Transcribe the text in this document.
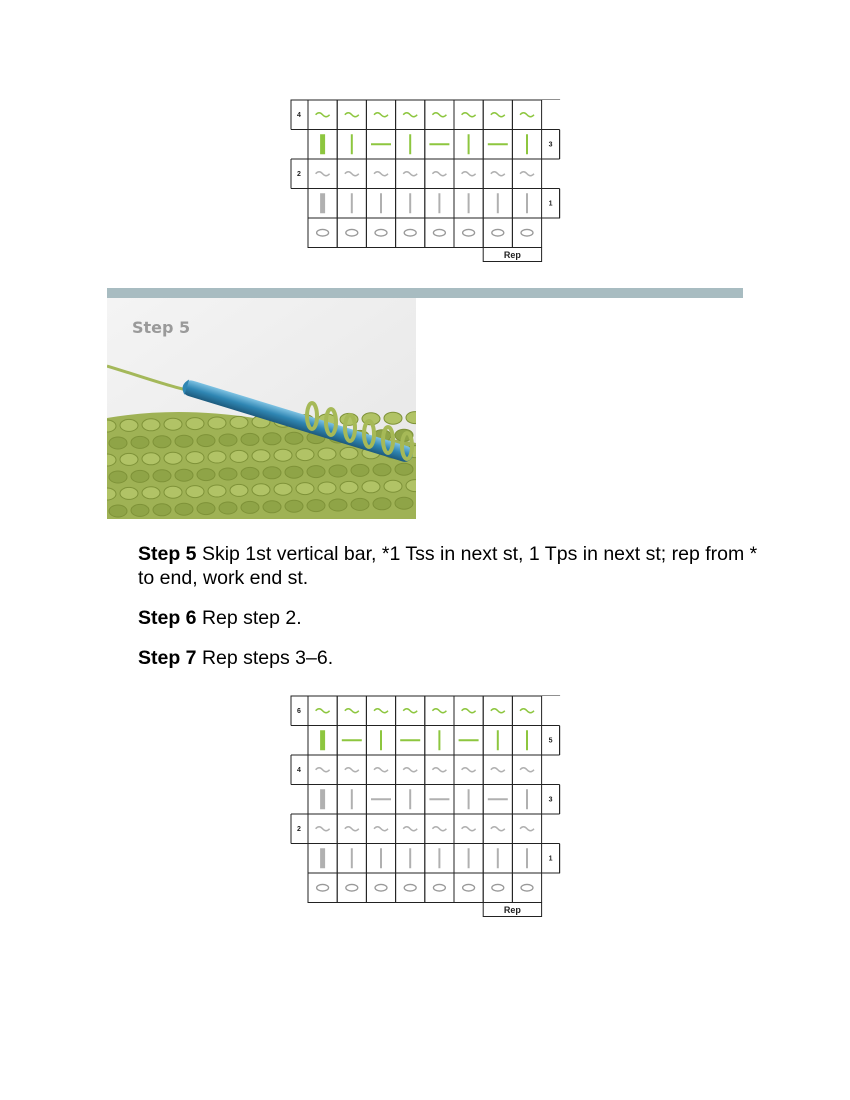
4
3
2
1
Rep
Step 5

Step 5 Skip 1st vertical bar, *1 Tss in next st, 1 Tps in next st; rep from * to end, work end st.

Step 6 Rep step 2.

Step 7 Rep steps 3–6.

6
5
4
3
2
1
Rep
